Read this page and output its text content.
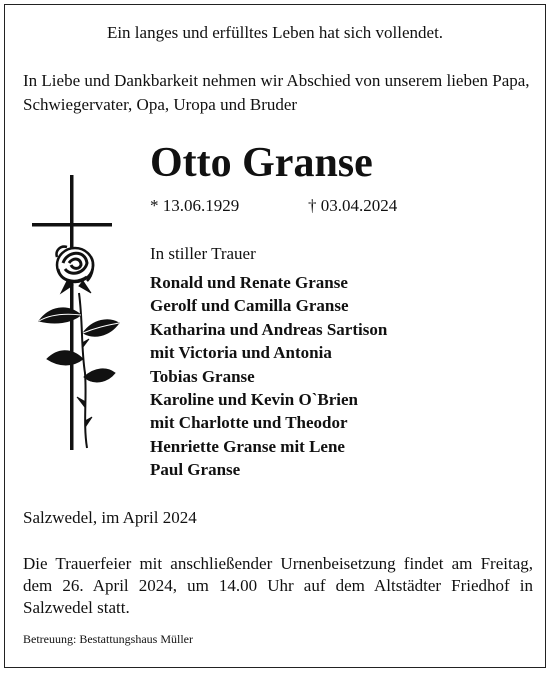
Ein langes und erfülltes Leben hat sich vollendet.
In Liebe und Dankbarkeit nehmen wir Abschied von unserem lieben Papa, Schwiegervater, Opa, Uropa und Bruder
Otto Granse
* 13.06.1929	† 03.04.2024
In stiller Trauer
Ronald und Renate Granse
Gerolf und Camilla Granse
Katharina und Andreas Sartison
mit Victoria und Antonia
Tobias Granse
Karoline und Kevin O`Brien
mit Charlotte und Theodor
Henriette Granse mit Lene
Paul Granse
Salzwedel, im April 2024
Die Trauerfeier mit anschließender Urnenbeisetzung findet am Freitag, dem 26. April 2024, um 14.00 Uhr auf dem Altstädter Friedhof in Salzwedel statt.
Betreuung: Bestattungshaus Müller
